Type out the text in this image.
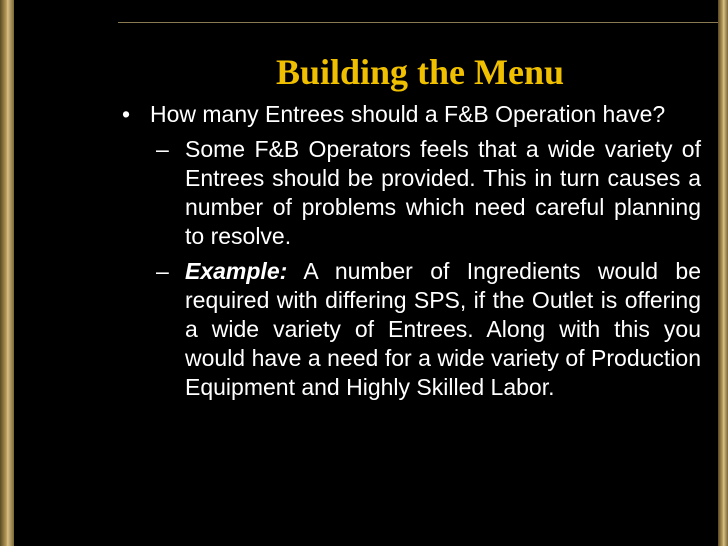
Building the Menu
• How many Entrees should a F&B Operation have?
– Some F&B Operators feels that a wide variety of Entrees should be provided. This in turn causes a number of problems which need careful planning to resolve.
– Example: A number of Ingredients would be required with differing SPS, if the Outlet is offering a wide variety of Entrees. Along with this you would have a need for a wide variety of Production Equipment and Highly Skilled Labor.
